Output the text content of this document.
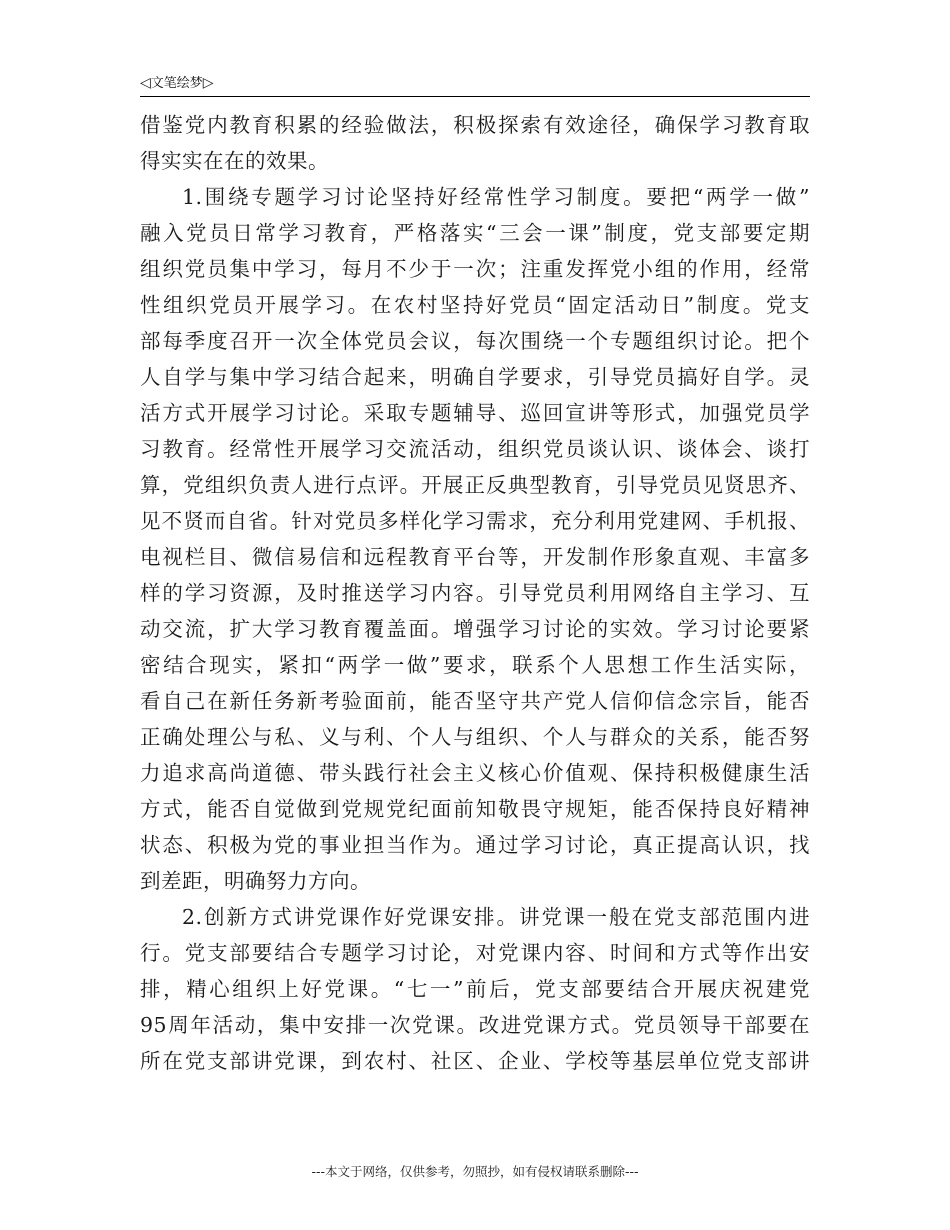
◁文笔绘梦▷
借鉴党内教育积累的经验做法，积极探索有效途径，确保学习教育取
得实实在在的效果。
1.围绕专题学习讨论坚持好经常性学习制度。要把“两学一做”
融入党员日常学习教育，严格落实“三会一课”制度，党支部要定期
组织党员集中学习，每月不少于一次；注重发挥党小组的作用，经常
性组织党员开展学习。在农村坚持好党员“固定活动日”制度。党支
部每季度召开一次全体党员会议，每次围绕一个专题组织讨论。把个
人自学与集中学习结合起来，明确自学要求，引导党员搞好自学。灵
活方式开展学习讨论。采取专题辅导、巡回宣讲等形式，加强党员学
习教育。经常性开展学习交流活动，组织党员谈认识、谈体会、谈打
算，党组织负责人进行点评。开展正反典型教育，引导党员见贤思齐、
见不贤而自省。针对党员多样化学习需求，充分利用党建网、手机报、
电视栏目、微信易信和远程教育平台等，开发制作形象直观、丰富多
样的学习资源，及时推送学习内容。引导党员利用网络自主学习、互
动交流，扩大学习教育覆盖面。增强学习讨论的实效。学习讨论要紧
密结合现实，紧扣“两学一做”要求，联系个人思想工作生活实际，
看自己在新任务新考验面前，能否坚守共产党人信仰信念宗旨，能否
正确处理公与私、义与利、个人与组织、个人与群众的关系，能否努
力追求高尚道德、带头践行社会主义核心价值观、保持积极健康生活
方式，能否自觉做到党规党纪面前知敬畏守规矩，能否保持良好精神
状态、积极为党的事业担当作为。通过学习讨论，真正提高认识，找
到差距，明确努力方向。
2.创新方式讲党课作好党课安排。讲党课一般在党支部范围内进
行。党支部要结合专题学习讨论，对党课内容、时间和方式等作出安
排，精心组织上好党课。“七一”前后，党支部要结合开展庆祝建党
95周年活动，集中安排一次党课。改进党课方式。党员领导干部要在
所在党支部讲党课，到农村、社区、企业、学校等基层单位党支部讲
---本文于网络，仅供参考，勿照抄，如有侵权请联系删除---
